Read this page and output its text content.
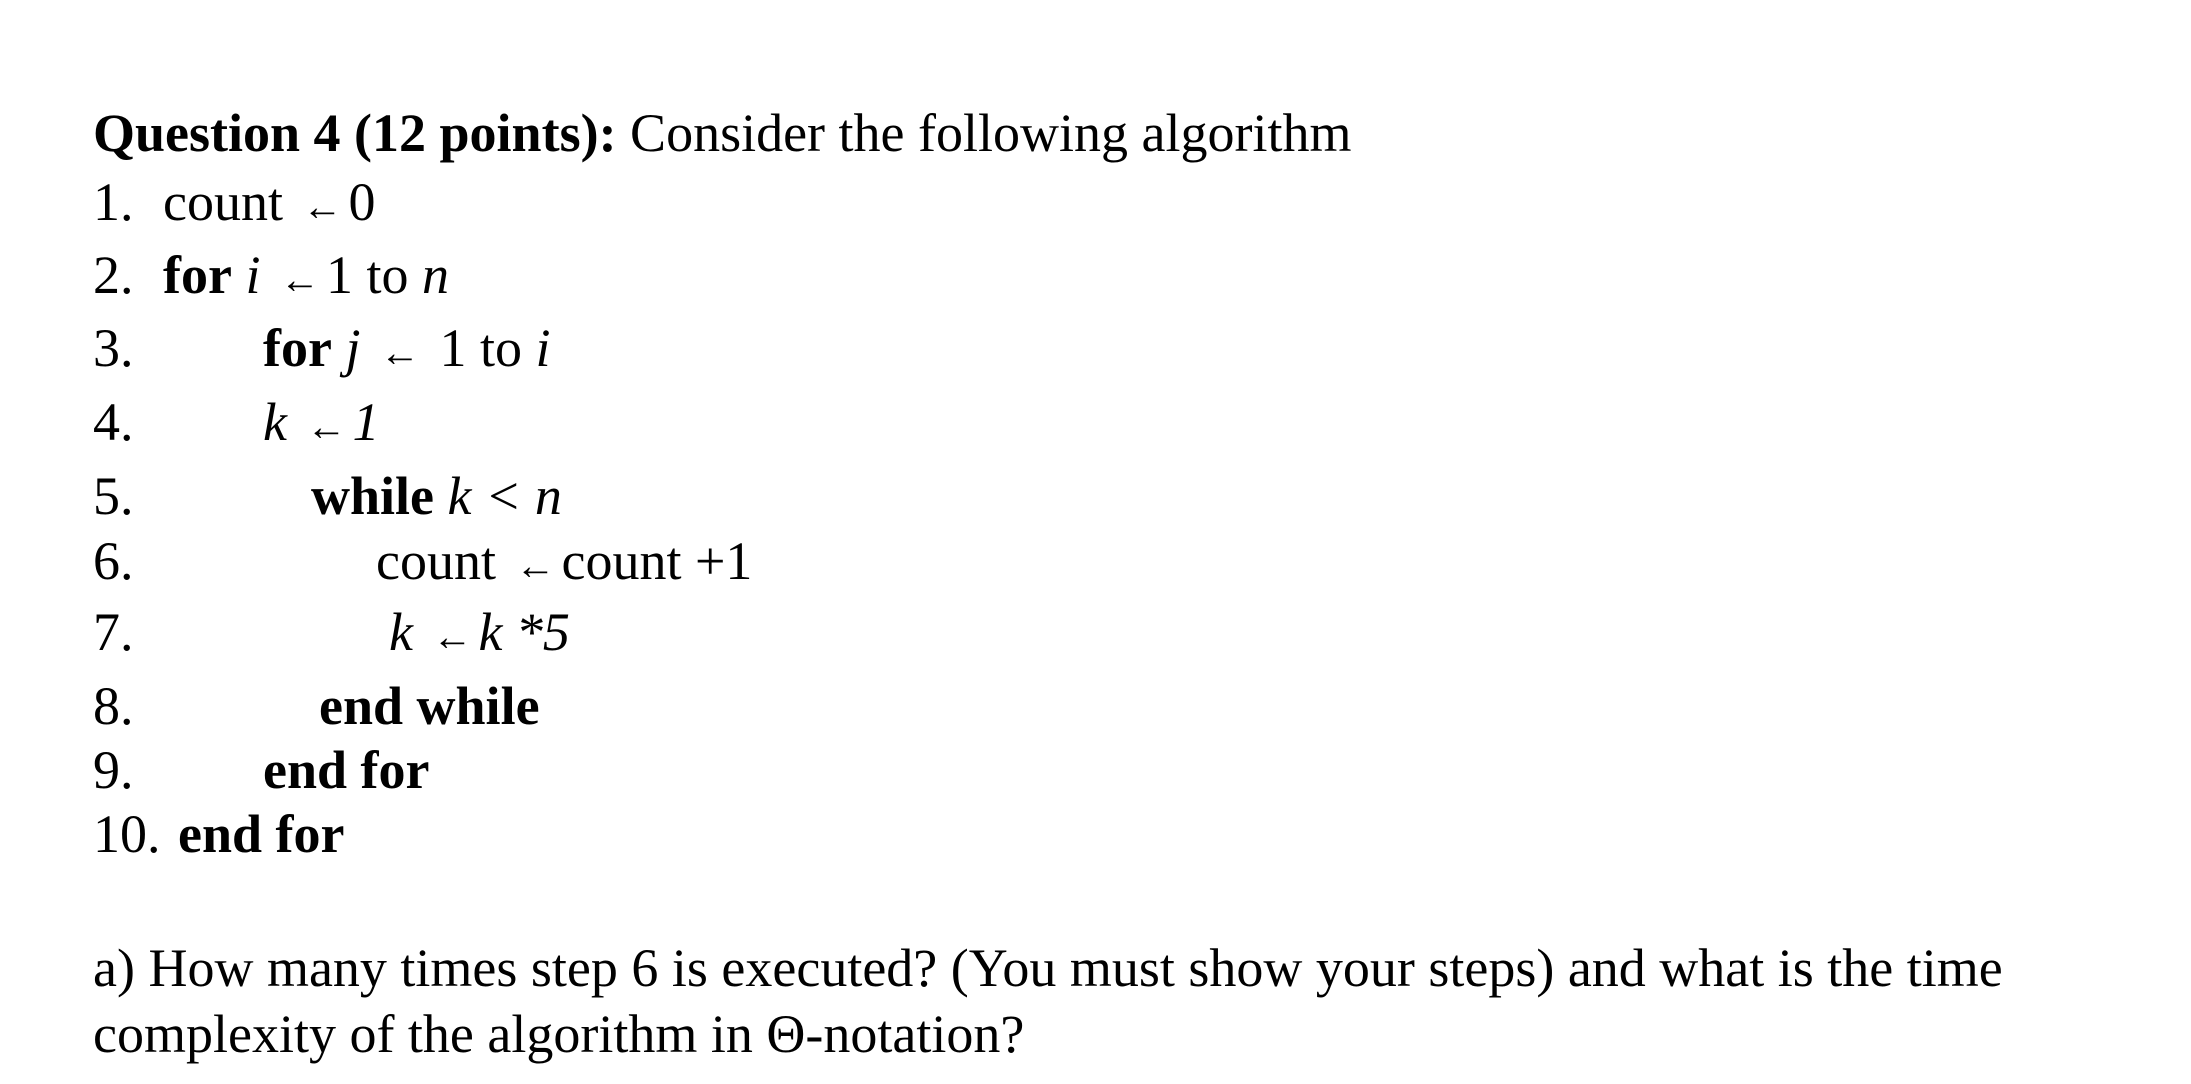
Question 4 (12 points): Consider the following algorithm
1. count ← 0
2. for i ← 1 to n
3. for j ← 1 to i
4. k ← 1
5.	while k < n
6.	count ← count +1
7.	k ← k *5
8.	end while
9. end for
10. end for
a) How many times step 6 is executed? (You must show your steps) and what is the time complexity of the algorithm in Θ-notation?
